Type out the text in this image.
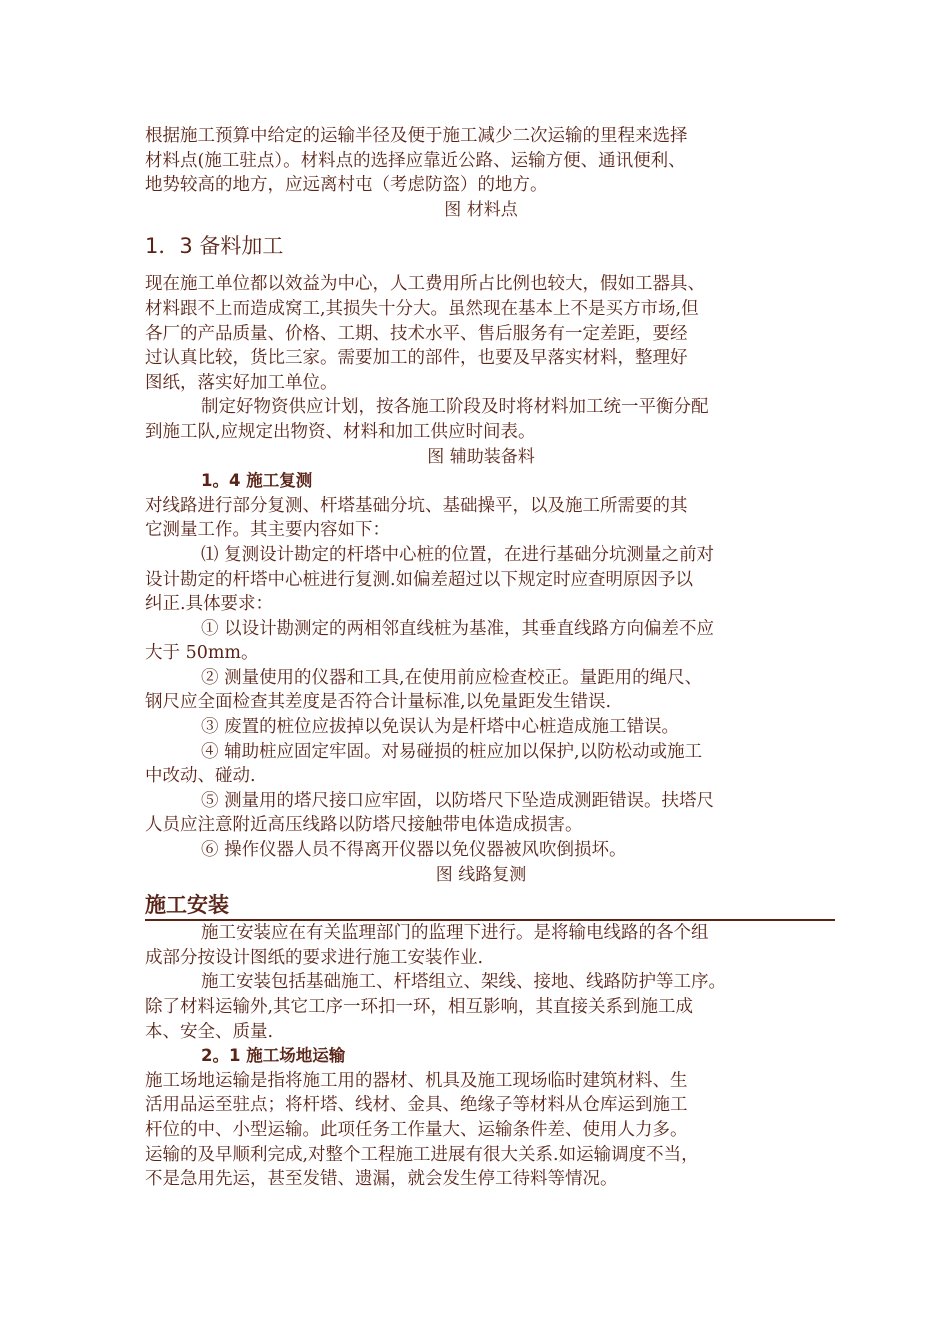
根据施工预算中给定的运输半径及便于施工减少二次运输的里程来选择

材料点(施工驻点）。材料点的选择应靠近公路、运输方便、通讯便利、

地势较高的地方，应远离村屯（考虑防盗）的地方。

图 材料点

1．3 备料加工

现在施工单位都以效益为中心，人工费用所占比例也较大，假如工器具、

材料跟不上而造成窝工,其损失十分大。虽然现在基本上不是买方市场,但

各厂的产品质量、价格、工期、技术水平、售后服务有一定差距，要经

过认真比较，货比三家。需要加工的部件，也要及早落实材料，整理好

图纸，落实好加工单位。

制定好物资供应计划，按各施工阶段及时将材料加工统一平衡分配

到施工队,应规定出物资、材料和加工供应时间表。

图 辅助装备料

1。4 施工复测

对线路进行部分复测、杆塔基础分坑、基础操平，以及施工所需要的其

它测量工作。其主要内容如下：

⑴ 复测设计勘定的杆塔中心桩的位置，在进行基础分坑测量之前对

设计勘定的杆塔中心桩进行复测.如偏差超过以下规定时应查明原因予以

纠正.具体要求：

① 以设计勘测定的两相邻直线桩为基准，其垂直线路方向偏差不应

大于 50mm。

② 测量使用的仪器和工具,在使用前应检查校正。量距用的绳尺、

钢尺应全面检查其差度是否符合计量标准,以免量距发生错误.

③ 废置的桩位应拔掉以免误认为是杆塔中心桩造成施工错误。

④ 辅助桩应固定牢固。对易碰损的桩应加以保护,以防松动或施工

中改动、碰动.

⑤ 测量用的塔尺接口应牢固，以防塔尺下坠造成测距错误。扶塔尺

人员应注意附近高压线路以防塔尺接触带电体造成损害。

⑥ 操作仪器人员不得离开仪器以免仪器被风吹倒损坏。

图 线路复测

施工安装

施工安装应在有关监理部门的监理下进行。是将输电线路的各个组

成部分按设计图纸的要求进行施工安装作业.

施工安装包括基础施工、杆塔组立、架线、接地、线路防护等工序。

除了材料运输外,其它工序一环扣一环，相互影响，其直接关系到施工成

本、安全、质量.

2。1 施工场地运输

施工场地运输是指将施工用的器材、机具及施工现场临时建筑材料、生

活用品运至驻点；将杆塔、线材、金具、绝缘子等材料从仓库运到施工

杆位的中、小型运输。此项任务工作量大、运输条件差、使用人力多。

运输的及早顺利完成,对整个工程施工进展有很大关系.如运输调度不当，

不是急用先运，甚至发错、遗漏，就会发生停工待料等情况。
